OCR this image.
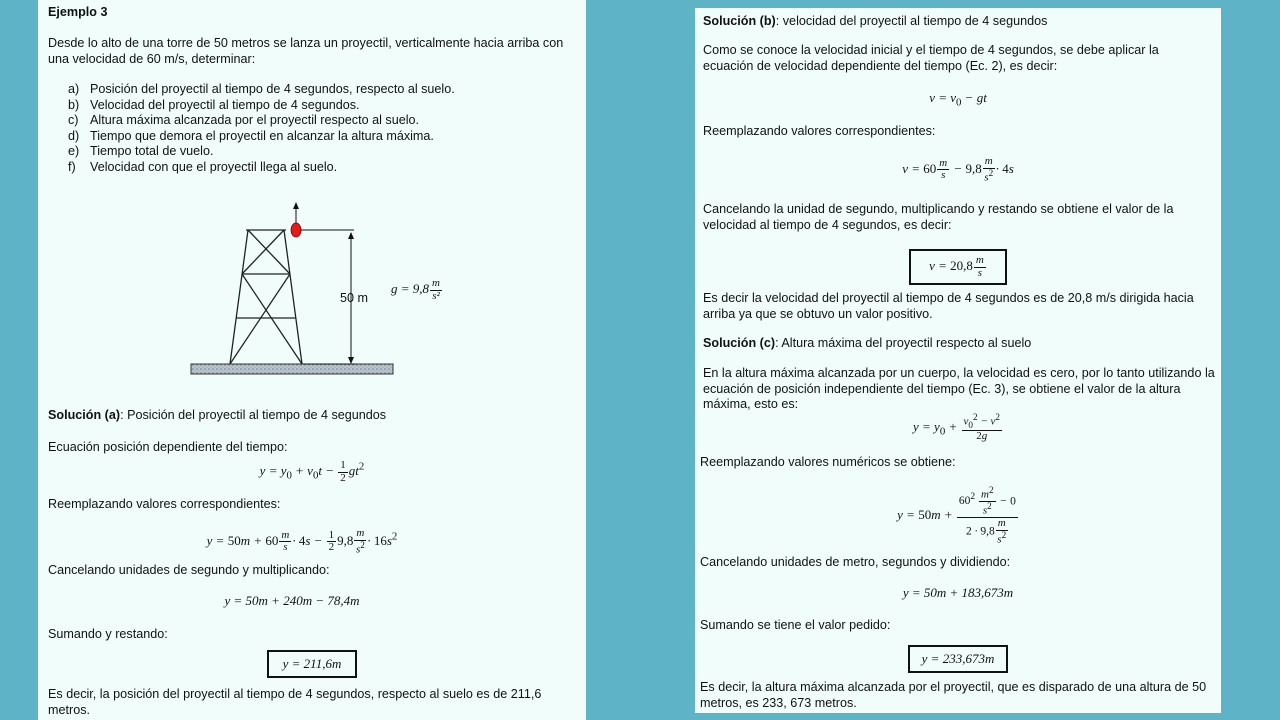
Ejemplo 3

Desde lo alto de una torre de 50 metros se lanza un proyectil, verticalmente hacia arriba con una velocidad de 60 m/s, determinar:

a) Posición del proyectil al tiempo de 4 segundos, respecto al suelo.
b) Velocidad del proyectil al tiempo de 4 segundos.
c) Altura máxima alcanzada por el proyectil respecto al suelo.
d) Tiempo que demora el proyectil en alcanzar la altura máxima.
e) Tiempo total de vuelo.
f)	Velocidad con que el proyectil llega al suelo.
50 m
$g = 9,8 \frac{m}{\text{s²}}$
Solución (a): Posición del proyectil al tiempo de 4 segundos
Ecuación posición dependiente del tiempo:
$y = y_0 + v_0t - \frac{1}{2} gt^2$
Reemplazando valores correspondientes:
$y = 50m + 60 \frac{m}{s} \cdot 4s - \frac{1}{2} 9,8 \frac{m}{s^2} \cdot 16s^2$
Cancelando unidades de segundo y multiplicando:
y = 50m + 240m − 78,4m
Sumando y restando:
y = 211,6m

Es decir, la posición del proyectil al tiempo de 4 segundos, respecto al suelo es de 211,6 metros.

Solución (b): velocidad del proyectil al tiempo de 4 segundos

Como se conoce la velocidad inicial y el tiempo de 4 segundos, se debe aplicar la ecuación de velocidad dependiente del tiempo (Ec. 2), es decir:

$v = v_0$ − gt
Reemplazando valores correspondientes:
$v = 60 \frac{m}{s} - 9,8 \frac{m}{s^2} \cdot 4s$

Cancelando la unidad de segundo, multiplicando y restando se obtiene el valor de la velocidad al tiempo de 4 segundos, es decir:

$v = 20,8 \frac{m}{s}$

Es decir la velocidad del proyectil al tiempo de 4 segundos es de 20,8 m/s dirigida hacia arriba ya que se obtuvo un valor positivo.

Solución (c): Altura máxima del proyectil respecto al suelo

En la altura máxima alcanzada por un cuerpo, la velocidad es cero, por lo tanto utilizando la ecuación de posición independiente del tiempo (Ec. 3), se obtiene el valor de la altura máxima, esto es:

$y = y_0 + \frac{v_0^2 - v^2}{2g}$
Reemplazando valores numéricos se obtiene:
$y = 50m + \frac{60^2 \frac{m^2}{s^2} - 0}{2 \cdot 9,8 \frac{m}{s^2}}$
Cancelando unidades de metro, segundos y dividiendo:
y = 50m + 183,673m
Sumando se tiene el valor pedido:
y = 233,673m

Es decir, la altura máxima alcanzada por el proyectil, que es disparado de una altura de 50 metros, es 233, 673 metros.
